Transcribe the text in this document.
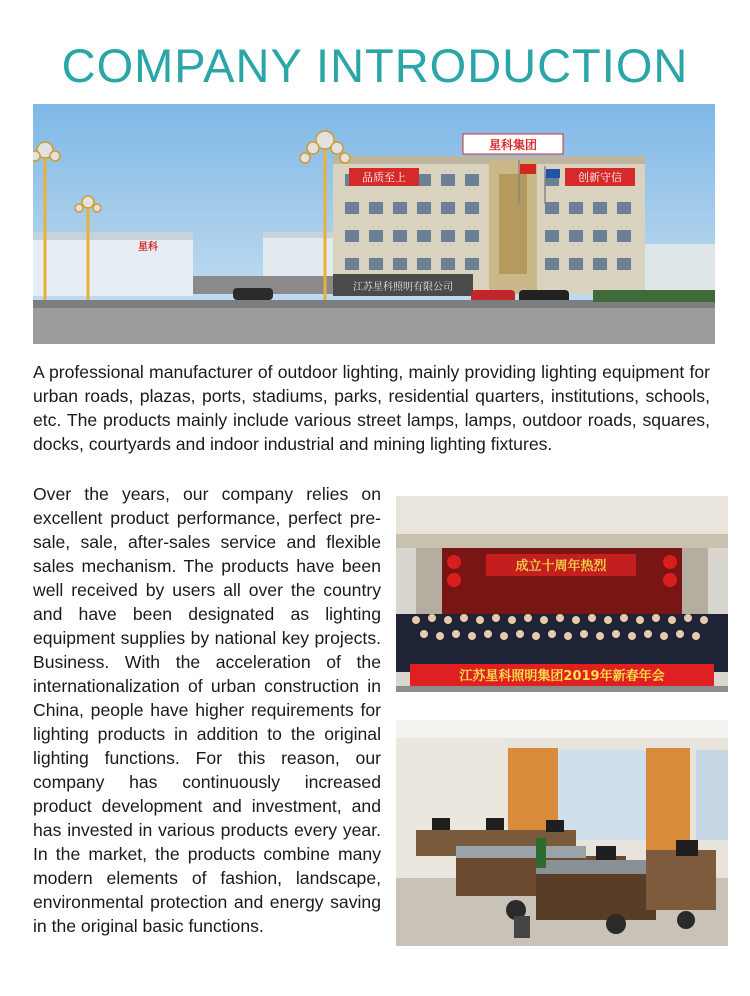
COMPANY INTRODUCTION
星科集团
品质至上	创新守信
江苏星科照明有限公司
星科

A professional manufacturer of outdoor lighting, mainly providing lighting equipment for urban roads, plazas, ports, stadiums, parks, residential quarters, institutions, schools, etc. The products mainly include various street lamps, lamps, outdoor roads, squares, docks, courtyards and indoor industrial and mining lighting fixtures.

Over the years, our company relies on excellent product performance, perfect pre-sale, sale, after-sales service and flexible sales mechanism. The products have been well received by users all over the country and have been designated as lighting equipment supplies by national key projects. Business. With the acceleration of the internationalization of urban construction in China, people have higher requirements for lighting products in addition to the original lighting functions. For this reason, our company has continuously increased product development and investment, and has invested in various products every year. In the market, the products combine many modern elements of fashion, landscape, environmental protection and energy saving in the original basic functions.

成立十周年热烈
江苏星科照明集团2019年新春年会
